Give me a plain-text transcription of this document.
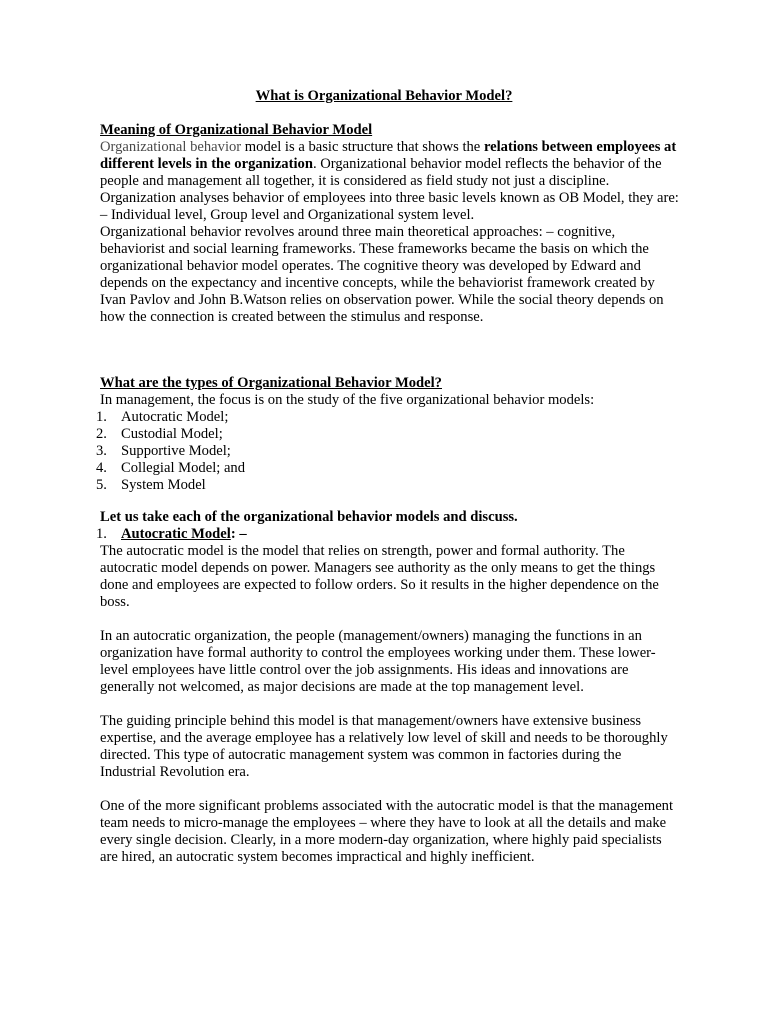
What is Organizational Behavior Model?
Meaning of Organizational Behavior Model

Organizational behavior model is a basic structure that shows the relations between employees at different levels in the organization. Organizational behavior model reflects the behavior of the people and management all together, it is considered as field study not just a discipline. Organization analyses behavior of employees into three basic levels known as OB Model, they are: – Individual level, Group level and Organizational system level.

Organizational behavior revolves around three main theoretical approaches: – cognitive, behaviorist and social learning frameworks. These frameworks became the basis on which the organizational behavior model operates. The cognitive theory was developed by Edward and depends on the expectancy and incentive concepts, while the behaviorist framework created by Ivan Pavlov and John B.Watson relies on observation power. While the social theory depends on how the connection is created between the stimulus and response.

What are the types of Organizational Behavior Model?

In management, the focus is on the study of the five organizational behavior models:

1. Autocratic Model;
2. Custodial Model;
3. Supportive Model;
4. Collegial Model; and
5. System Model
Let us take each of the organizational behavior models and discuss.
1. Autocratic Model: –

The autocratic model is the model that relies on strength, power and formal authority. The autocratic model depends on power. Managers see authority as the only means to get the things done and employees are expected to follow orders. So it results in the higher dependence on the boss.

In an autocratic organization, the people (management/owners) managing the functions in an organization have formal authority to control the employees working under them. These lower-level employees have little control over the job assignments. His ideas and innovations are generally not welcomed, as major decisions are made at the top management level.

The guiding principle behind this model is that management/owners have extensive business expertise, and the average employee has a relatively low level of skill and needs to be thoroughly directed. This type of autocratic management system was common in factories during the Industrial Revolution era.

One of the more significant problems associated with the autocratic model is that the management team needs to micro-manage the employees – where they have to look at all the details and make every single decision. Clearly, in a more modern-day organization, where highly paid specialists are hired, an autocratic system becomes impractical and highly inefficient.
